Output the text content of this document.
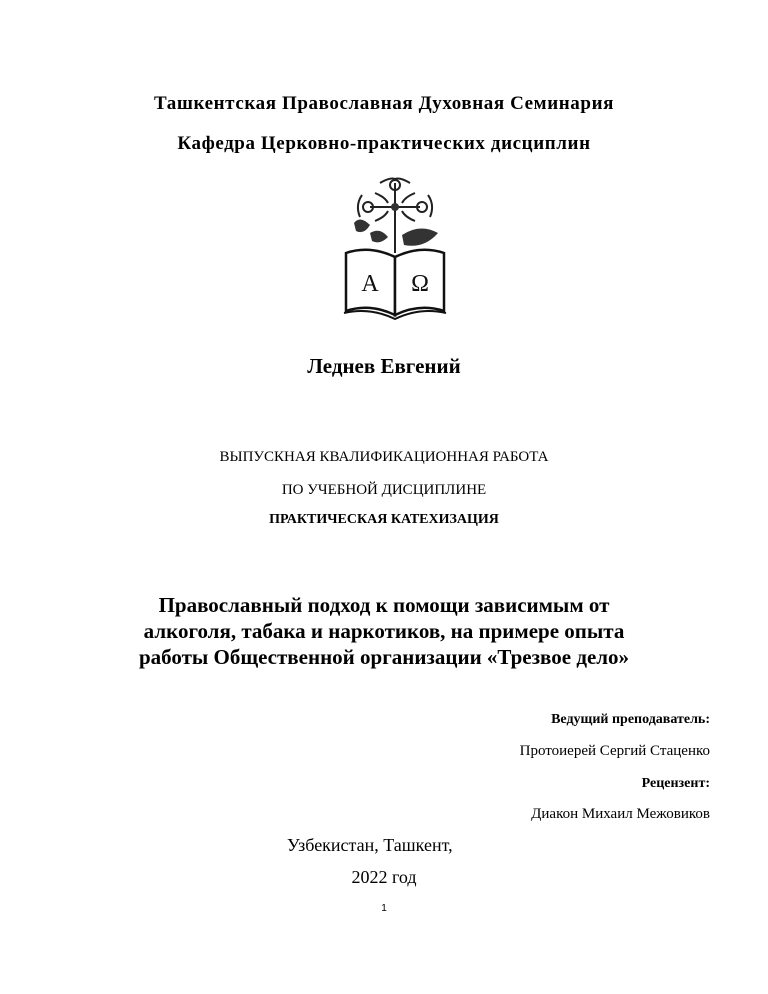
Ташкентская Православная Духовная Семинария
Кафедра Церковно-практических дисциплин
А Ω
Леднев Евгений
ВЫПУСКНАЯ КВАЛИФИКАЦИОННАЯ РАБОТА
ПО УЧЕБНОЙ ДИСЦИПЛИНЕ
ПРАКТИЧЕСКАЯ КАТЕХИЗАЦИЯ
Православный подход к помощи зависимым от
алкоголя, табака и наркотиков, на примере опыта
работы Общественной организации «Трезвое дело»
Ведущий преподаватель:
Протоиерей Сергий Стаценко
Рецензент:
Диакон Михаил Межовиков
Узбекистан, Ташкент,
2022 год
1
